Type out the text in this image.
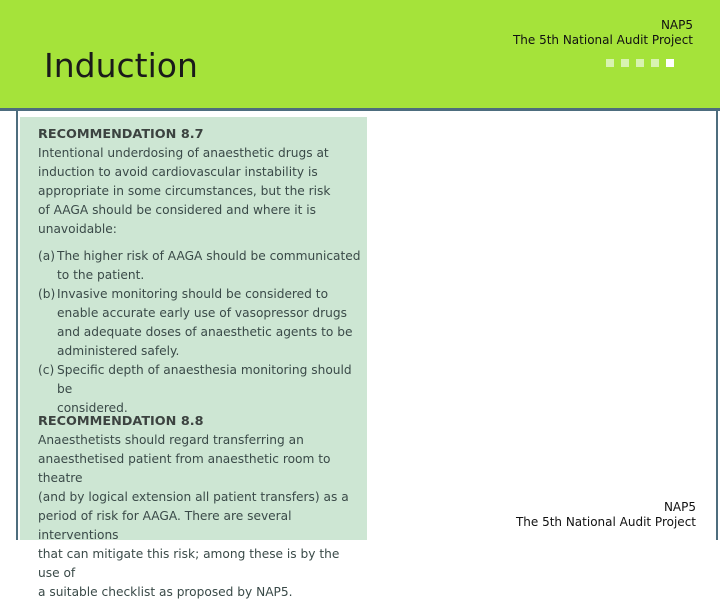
Induction
NAP5
The 5th National Audit Project
RECOMMENDATION 8.7
Intentional underdosing of anaesthetic drugs at
induction to avoid cardiovascular instability is
appropriate in some circumstances, but the risk
of AAGA should be considered and where it is
unavoidable:
(a) The higher risk of AAGA should be communicated
to the patient.
(b) Invasive monitoring should be considered to
enable accurate early use of vasopressor drugs
and adequate doses of anaesthetic agents to be
administered safely.
(c) Specific depth of anaesthesia monitoring should be
considered.
RECOMMENDATION 8.8
Anaesthetists should regard transferring an
anaesthetised patient from anaesthetic room to theatre
(and by logical extension all patient transfers) as a
period of risk for AAGA. There are several interventions
that can mitigate this risk; among these is by the use of
a suitable checklist as proposed by NAP5.
NAP5
The 5th National Audit Project
